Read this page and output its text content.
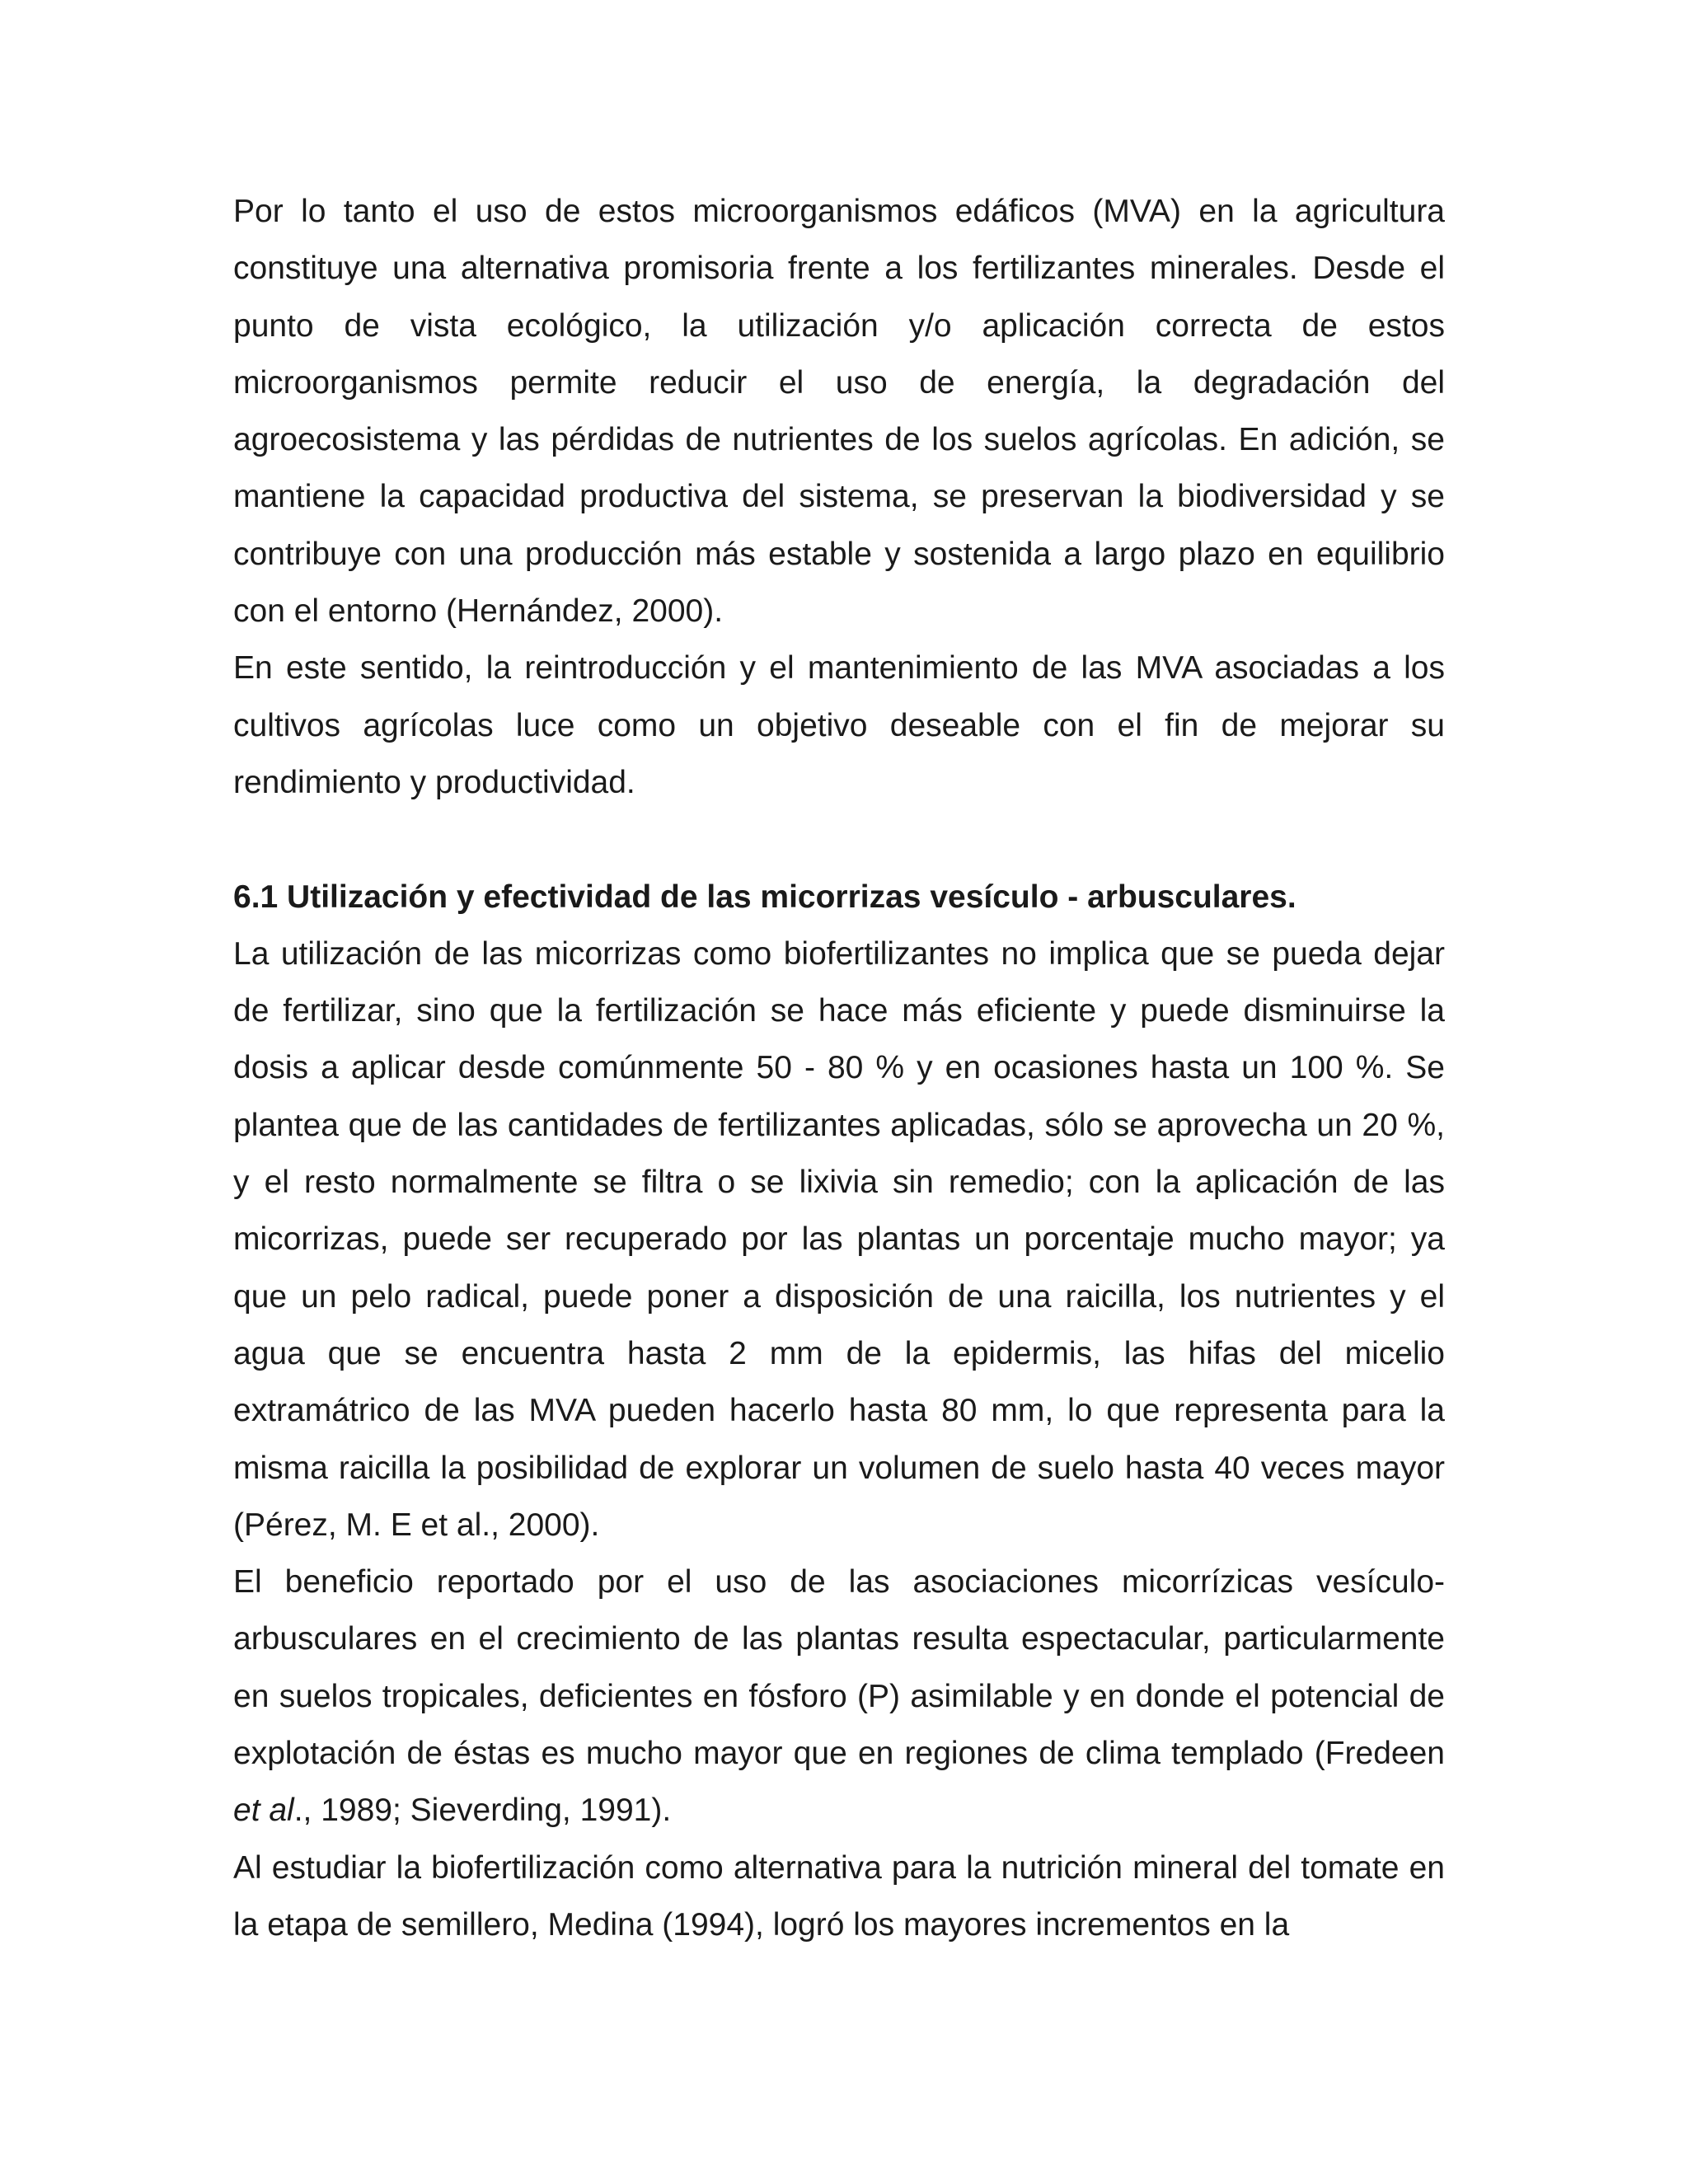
Por lo tanto el uso de estos microorganismos edáficos (MVA) en la agricultura constituye una alternativa promisoria frente a los fertilizantes minerales. Desde el punto de vista ecológico, la utilización y/o aplicación correcta de estos microorganismos permite reducir el uso de energía, la degradación del agroecosistema y las pérdidas de nutrientes de los suelos agrícolas. En adición, se mantiene la capacidad productiva del sistema, se preservan la biodiversidad y se contribuye con una producción más estable y sostenida a largo plazo en equilibrio con el entorno (Hernández, 2000).

En este sentido, la reintroducción y el mantenimiento de las MVA asociadas a los cultivos agrícolas luce como un objetivo deseable con el fin de mejorar su rendimiento y productividad.

6.1 Utilización y efectividad de las micorrizas vesículo - arbusculares.

La utilización de las micorrizas como biofertilizantes no implica que se pueda dejar de fertilizar, sino que la fertilización se hace más eficiente y puede disminuirse la dosis a aplicar desde comúnmente 50 - 80 % y en ocasiones hasta un 100 %. Se plantea que de las cantidades de fertilizantes aplicadas, sólo se aprovecha un 20 %, y el resto normalmente se filtra o se lixivia sin remedio; con la aplicación de las micorrizas, puede ser recuperado por las plantas un porcentaje mucho mayor; ya que un pelo radical, puede poner a disposición de una raicilla, los nutrientes y el agua que se encuentra hasta 2 mm de la epidermis, las hifas del micelio extramátrico de las MVA pueden hacerlo hasta 80 mm, lo que representa para la misma raicilla la posibilidad de explorar un volumen de suelo hasta 40 veces mayor (Pérez, M. E et al., 2000).

El beneficio reportado por el uso de las asociaciones micorrízicas vesículo-arbusculares en el crecimiento de las plantas resulta espectacular, particularmente en suelos tropicales, deficientes en fósforo (P) asimilable y en donde el potencial de explotación de éstas es mucho mayor que en regiones de clima templado (Fredeen et al., 1989; Sieverding, 1991).

Al estudiar la biofertilización como alternativa para la nutrición mineral del tomate en la etapa de semillero, Medina (1994), logró los mayores incrementos en la
